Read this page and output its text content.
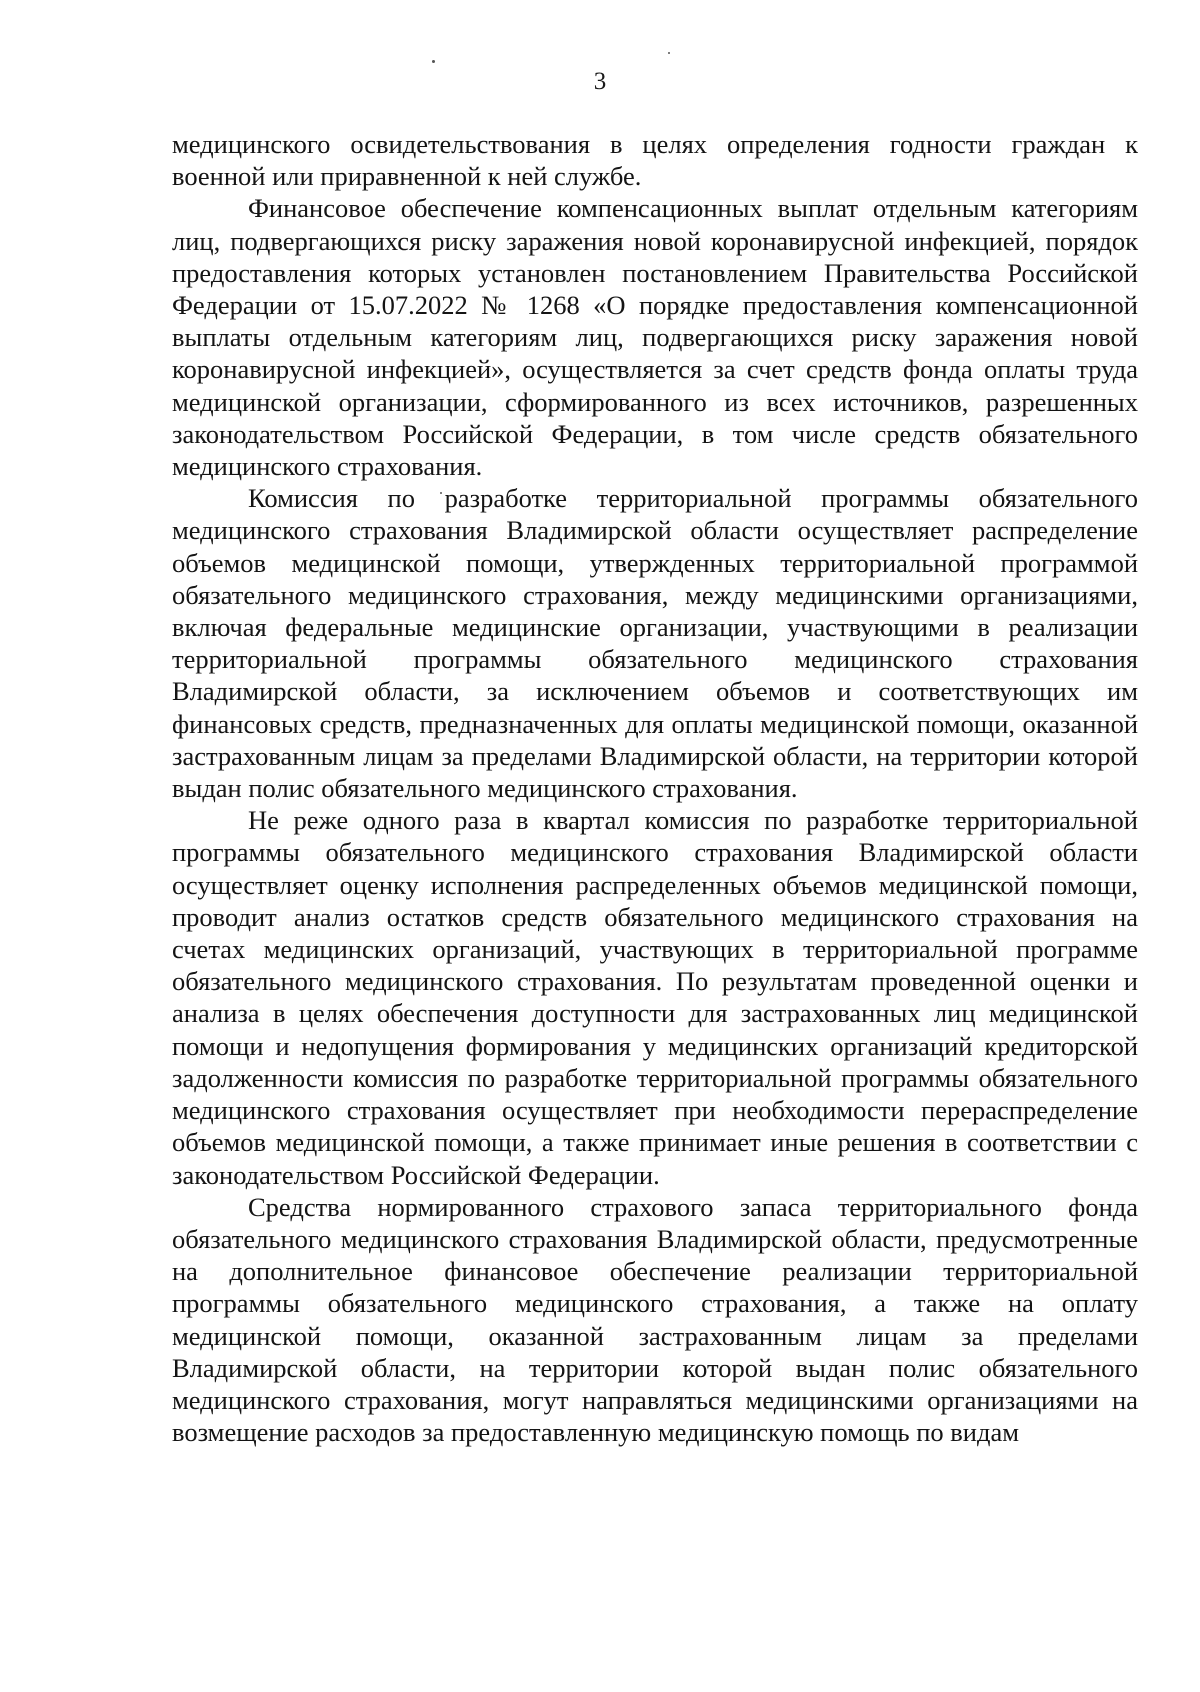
3

медицинского освидетельствования в целях определения годности граждан к военной или приравненной к ней службе.

Финансовое обеспечение компенсационных выплат отдельным категориям лиц, подвергающихся риску заражения новой коронавирусной инфекцией, порядок предоставления которых установлен постановлением Правительства Российской Федерации от 15.07.2022 № 1268 «О порядке предоставления компенсационной выплаты отдельным категориям лиц, подвергающихся риску заражения новой коронавирусной инфекцией», осуществляется за счет средств фонда оплаты труда медицинской организации, сформированного из всех источников, разрешенных законодательством Российской Федерации, в том числе средств обязательного медицинского страхования.

Комиссия по разработке территориальной программы обязательного медицинского страхования Владимирской области осуществляет распределение объемов медицинской помощи, утвержденных территориальной программой обязательного медицинского страхования, между медицинскими организациями, включая федеральные медицинские организации, участвующими в реализации территориальной программы обязательного медицинского страхования Владимирской области, за исключением объемов и соответствующих им финансовых средств, предназначенных для оплаты медицинской помощи, оказанной застрахованным лицам за пределами Владимирской области, на территории которой выдан полис обязательного медицинского страхования.

Не реже одного раза в квартал комиссия по разработке территориальной программы обязательного медицинского страхования Владимирской области осуществляет оценку исполнения распределенных объемов медицинской помощи, проводит анализ остатков средств обязательного медицинского страхования на счетах медицинских организаций, участвующих в территориальной программе обязательного медицинского страхования. По результатам проведенной оценки и анализа в целях обеспечения доступности для застрахованных лиц медицинской помощи и недопущения формирования у медицинских организаций кредиторской задолженности комиссия по разработке территориальной программы обязательного медицинского страхования осуществляет при необходимости перераспределение объемов медицинской помощи, а также принимает иные решения в соответствии с законодательством Российской Федерации.

Средства нормированного страхового запаса территориального фонда обязательного медицинского страхования Владимирской области, предусмотренные на дополнительное финансовое обеспечение реализации территориальной программы обязательного медицинского страхования, а также на оплату медицинской помощи, оказанной застрахованным лицам за пределами Владимирской области, на территории которой выдан полис обязательного медицинского страхования, могут направляться медицинскими организациями на возмещение расходов за предоставленную медицинскую помощь по видам
